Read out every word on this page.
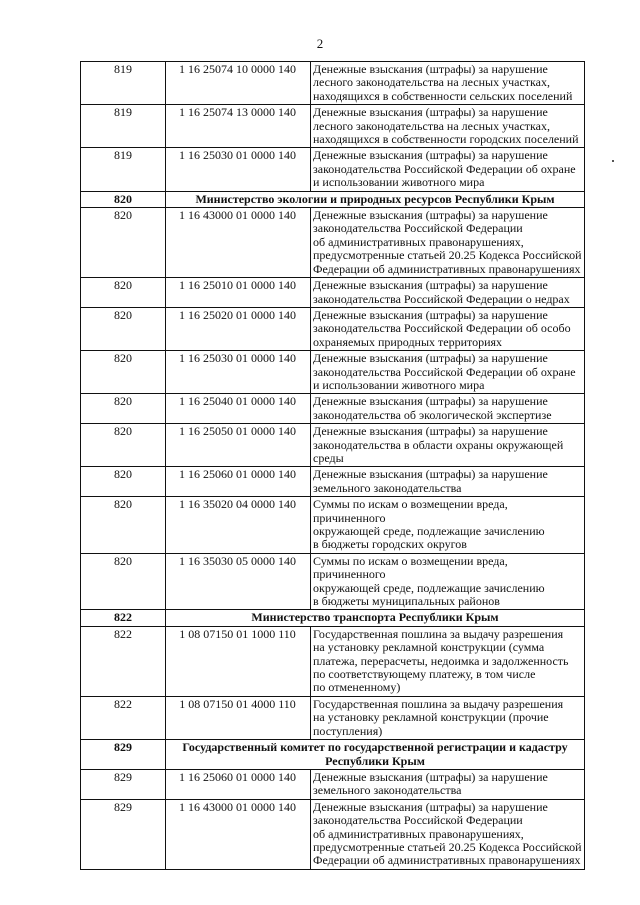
2
819	1 16 25074 10 0000 140	Денежные взыскания (штрафы) за нарушение
лесного законодательства на лесных участках,
находящихся в собственности сельских поселений

819	1 16 25074 13 0000 140	Денежные взыскания (штрафы) за нарушение
лесного законодательства на лесных участках,
находящихся в собственности городских поселений

819	1 16 25030 01 0000 140	Денежные взыскания (штрафы) за нарушение
законодательства Российской Федерации об охране
и использовании животного мира

820	Министерство экологии и природных ресурсов Республики Крым	

820	1 16 43000 01 0000 140	Денежные взыскания (штрафы) за нарушение
законодательства Российской Федерации
об административных правонарушениях,
предусмотренные статьей 20.25 Кодекса Российской
Федерации об административных правонарушениях

820	1 16 25010 01 0000 140	Денежные взыскания (штрафы) за нарушение
законодательства Российской Федерации о недрах

820	1 16 25020 01 0000 140	Денежные взыскания (штрафы) за нарушение
законодательства Российской Федерации об особо
охраняемых природных территориях

820	1 16 25030 01 0000 140	Денежные взыскания (штрафы) за нарушение
законодательства Российской Федерации об охране
и использовании животного мира

820	1 16 25040 01 0000 140	Денежные взыскания (штрафы) за нарушение
законодательства об экологической экспертизе

820	1 16 25050 01 0000 140	Денежные взыскания (штрафы) за нарушение
законодательства в области охраны окружающей
среды

820	1 16 25060 01 0000 140	Денежные взыскания (штрафы) за нарушение
земельного законодательства

820	1 16 35020 04 0000 140	Суммы по искам о возмещении вреда, причиненного
окружающей среде, подлежащие зачислению
в бюджеты городских округов

820	1 16 35030 05 0000 140	Суммы по искам о возмещении вреда, причиненного
окружающей среде, подлежащие зачислению
в бюджеты муниципальных районов

822	Министерство транспорта Республики Крым	

822	1 08 07150 01 1000 110	Государственная пошлина за выдачу разрешения
на установку рекламной конструкции (сумма
платежа, перерасчеты, недоимка и задолженность
по соответствующему платежу, в том числе
по отмененному)

822	1 08 07150 01 4000 110	Государственная пошлина за выдачу разрешения
на установку рекламной конструкции (прочие
поступления)

829	Государственный комитет по государственной регистрации и кадастру
Республики Крым	

829	1 16 25060 01 0000 140	Денежные взыскания (штрафы) за нарушение
земельного законодательства

829	1 16 43000 01 0000 140	Денежные взыскания (штрафы) за нарушение
законодательства Российской Федерации
об административных правонарушениях,
предусмотренные статьей 20.25 Кодекса Российской
Федерации об административных правонарушениях
